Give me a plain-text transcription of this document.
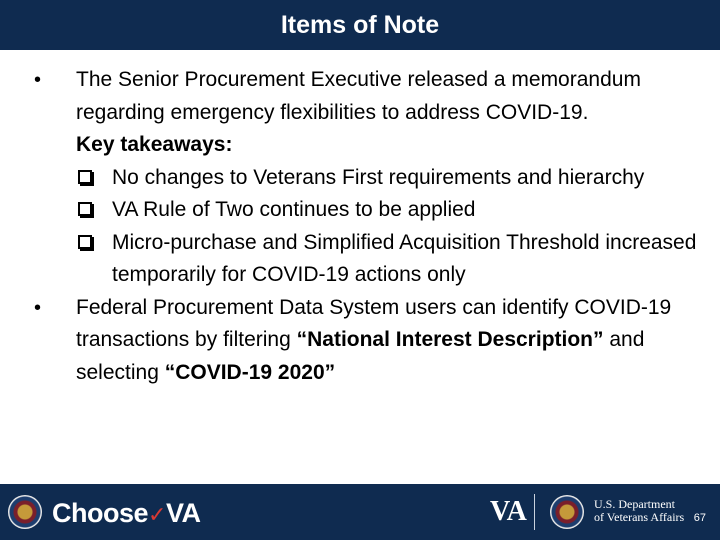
Items of Note
• The Senior Procurement Executive released a memorandum regarding emergency flexibilities to address COVID-19.
Key takeaways:
No changes to Veterans First requirements and hierarchy
VA Rule of Two continues to be applied
Micro-purchase and Simplified Acquisition Threshold increased temporarily for COVID-19 actions only
• Federal Procurement Data System users can identify COVID-19 transactions by filtering “National Interest Description” and selecting “COVID-19 2020”
Choose✓VA	VA	U.S. Department
of Veterans Affairs 67
